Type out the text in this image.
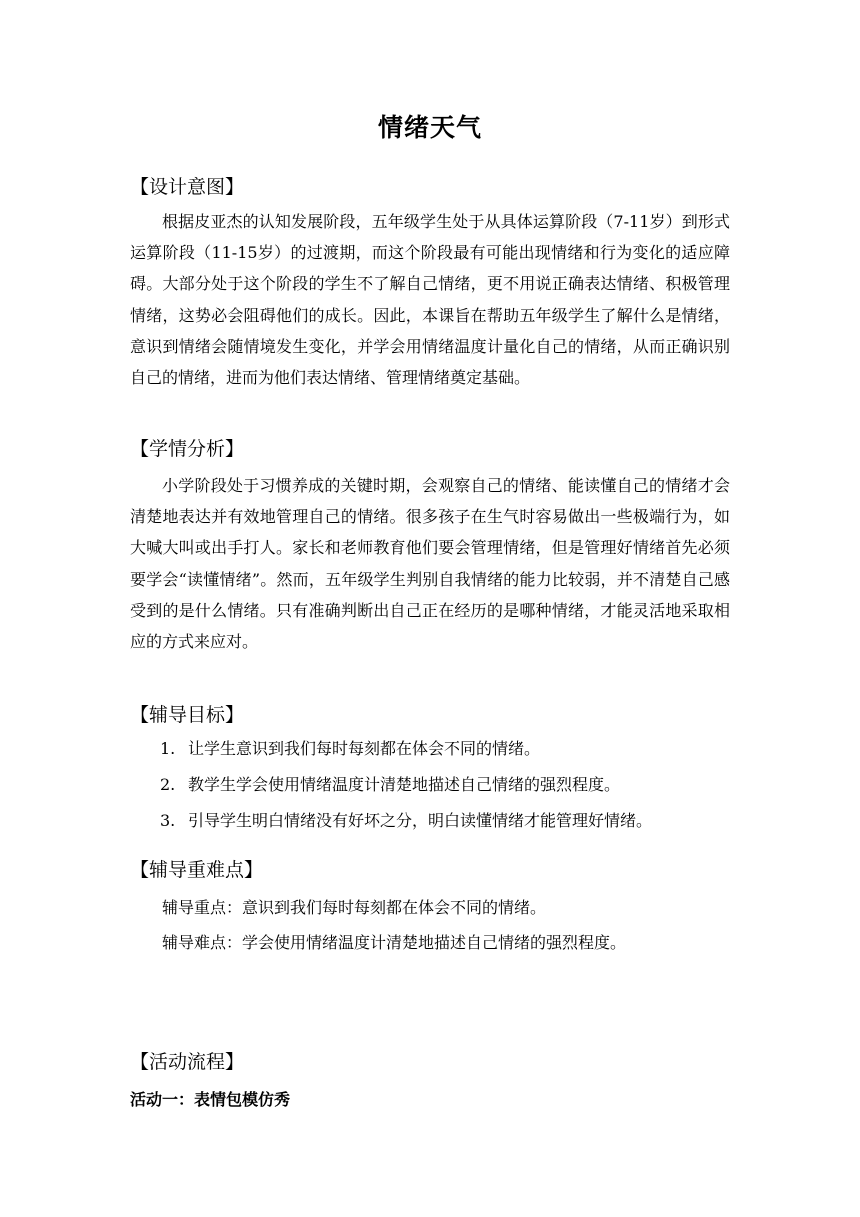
情绪天气
【设计意图】
根据皮亚杰的认知发展阶段，五年级学生处于从具体运算阶段（7-11岁）到形式运算阶段（11-15岁）的过渡期，而这个阶段最有可能出现情绪和行为变化的适应障碍。大部分处于这个阶段的学生不了解自己情绪，更不用说正确表达情绪、积极管理情绪，这势必会阻碍他们的成长。因此，本课旨在帮助五年级学生了解什么是情绪，意识到情绪会随情境发生变化，并学会用情绪温度计量化自己的情绪，从而正确识别自己的情绪，进而为他们表达情绪、管理情绪奠定基础。
【学情分析】
小学阶段处于习惯养成的关键时期，会观察自己的情绪、能读懂自己的情绪才会清楚地表达并有效地管理自己的情绪。很多孩子在生气时容易做出一些极端行为，如大喊大叫或出手打人。家长和老师教育他们要会管理情绪，但是管理好情绪首先必须要学会“读懂情绪”。然而，五年级学生判别自我情绪的能力比较弱，并不清楚自己感受到的是什么情绪。只有准确判断出自己正在经历的是哪种情绪，才能灵活地采取相应的方式来应对。
【辅导目标】
1. 让学生意识到我们每时每刻都在体会不同的情绪。
2. 教学生学会使用情绪温度计清楚地描述自己情绪的强烈程度。
3. 引导学生明白情绪没有好坏之分，明白读懂情绪才能管理好情绪。
【辅导重难点】
辅导重点：意识到我们每时每刻都在体会不同的情绪。
辅导难点：学会使用情绪温度计清楚地描述自己情绪的强烈程度。
【活动流程】
活动一：表情包模仿秀
